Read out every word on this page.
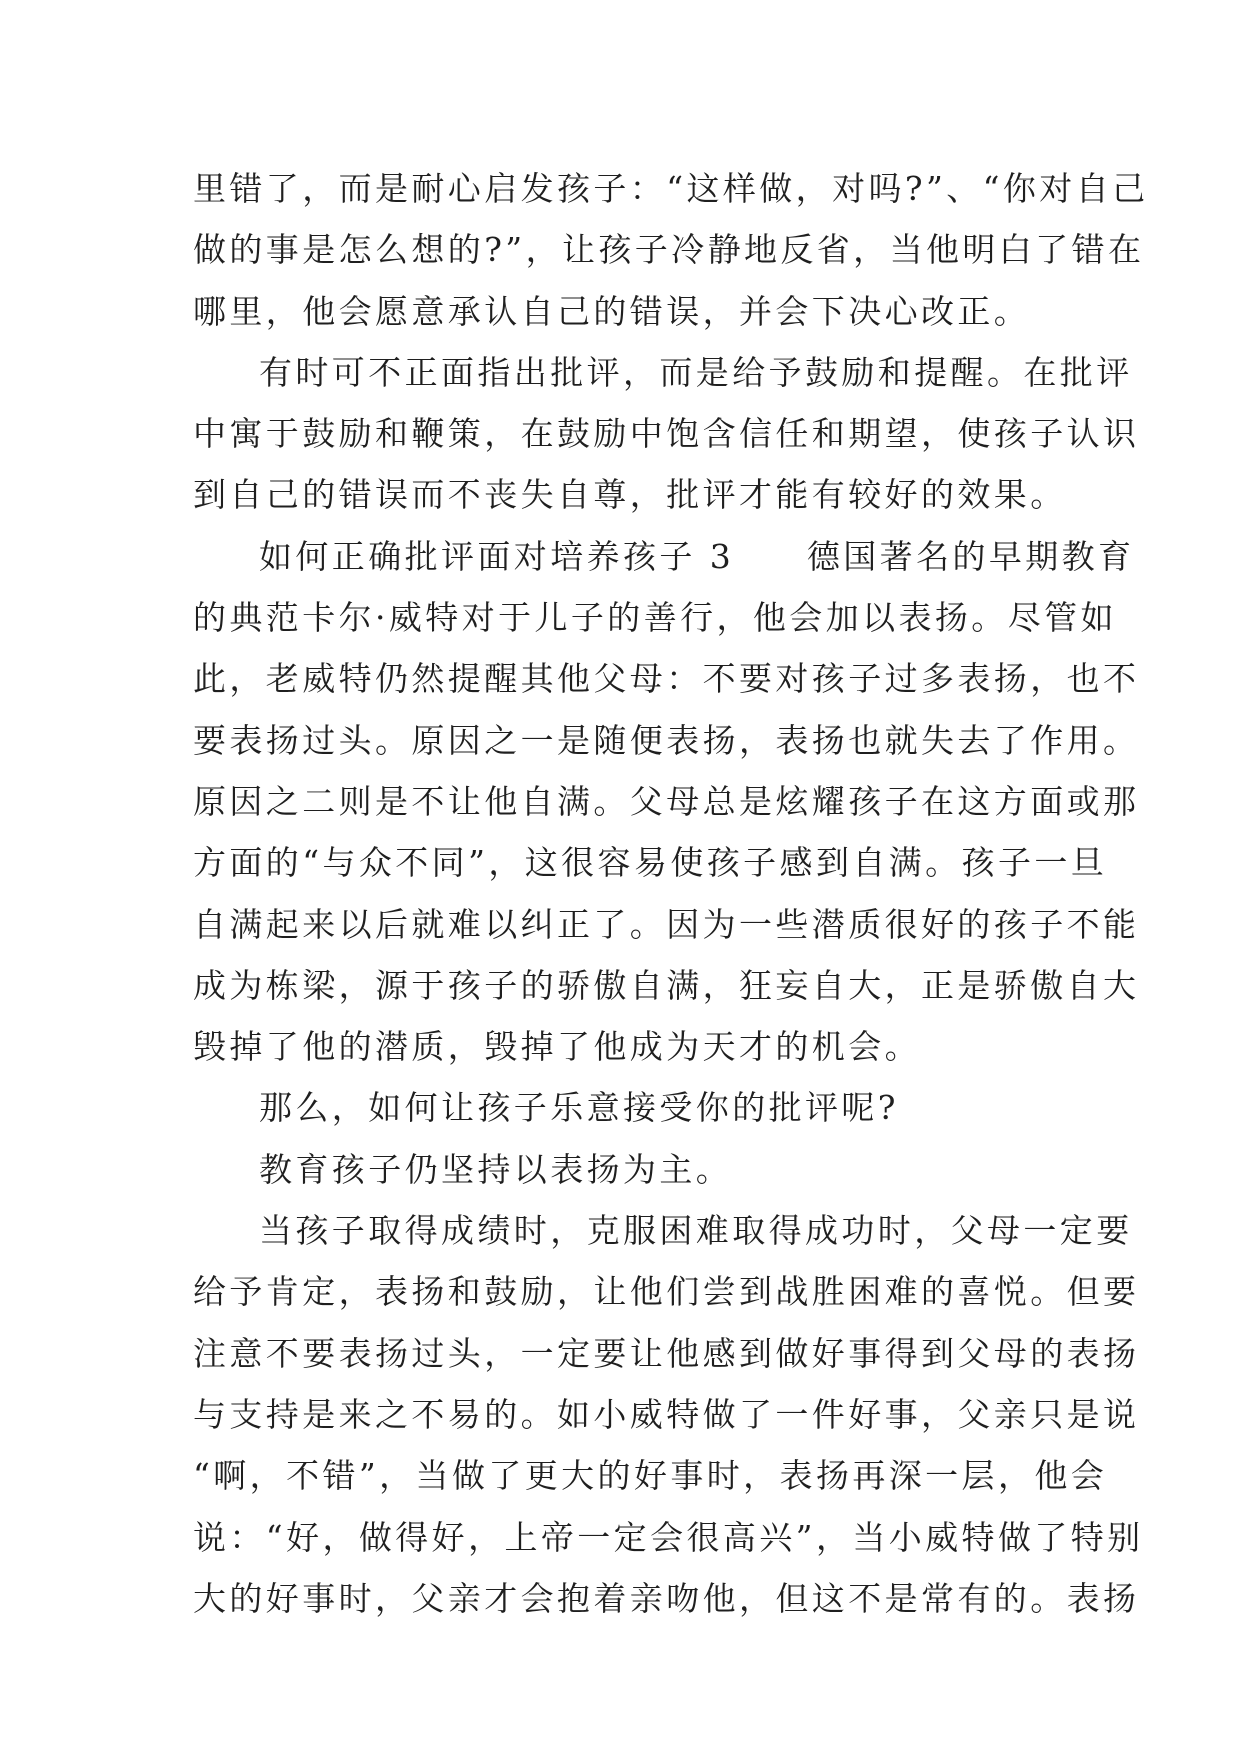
里错了，而是耐心启发孩子：“这样做，对吗?”、“你对自己
做的事是怎么想的?”，让孩子冷静地反省，当他明白了错在
哪里，他会愿意承认自己的错误，并会下决心改正。
有时可不正面指出批评，而是给予鼓励和提醒。在批评
中寓于鼓励和鞭策，在鼓励中饱含信任和期望，使孩子认识
到自己的错误而不丧失自尊，批评才能有较好的效果。
如何正确批评面对培养孩子 3　　德国著名的早期教育
的典范卡尔·威特对于儿子的善行，他会加以表扬。尽管如
此，老威特仍然提醒其他父母：不要对孩子过多表扬，也不
要表扬过头。原因之一是随便表扬，表扬也就失去了作用。
原因之二则是不让他自满。父母总是炫耀孩子在这方面或那
方面的“与众不同”，这很容易使孩子感到自满。孩子一旦
自满起来以后就难以纠正了。因为一些潜质很好的孩子不能
成为栋梁，源于孩子的骄傲自满，狂妄自大，正是骄傲自大
毁掉了他的潜质，毁掉了他成为天才的机会。
那么，如何让孩子乐意接受你的批评呢?
教育孩子仍坚持以表扬为主。
当孩子取得成绩时，克服困难取得成功时，父母一定要
给予肯定，表扬和鼓励，让他们尝到战胜困难的喜悦。但要
注意不要表扬过头，一定要让他感到做好事得到父母的表扬
与支持是来之不易的。如小威特做了一件好事，父亲只是说
“啊，不错”，当做了更大的好事时，表扬再深一层，他会
说：“好，做得好，上帝一定会很高兴”，当小威特做了特别
大的好事时，父亲才会抱着亲吻他，但这不是常有的。表扬
